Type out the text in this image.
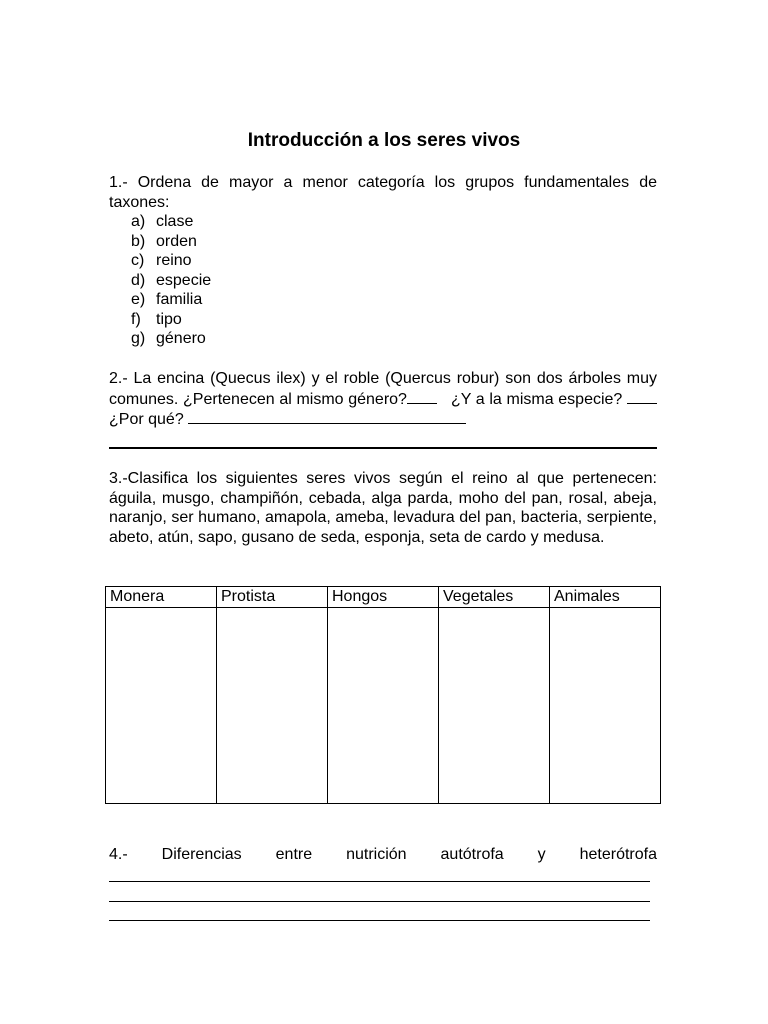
Introducción a los seres vivos

1.- Ordena de mayor a menor categoría los grupos fundamentales de taxones:

a) clase
b) orden
c) reino
d) especie
e) familia
f) tipo
g) género

2.- La encina (Quecus ilex) y el roble (Quercus robur) son dos árboles muy comunes. ¿Pertenecen al mismo género?	¿Y a la misma especie?  ¿Por qué?

3.-Clasifica los siguientes seres vivos según el reino al que pertenecen: águila, musgo, champiñón, cebada, alga parda, moho del pan, rosal, abeja, naranjo, ser humano, amapola, ameba, levadura del pan, bacteria, serpiente, abeto, atún, sapo, gusano de seda, esponja, seta de cardo y medusa.

Monera	Protista	Hongos	Vegetales	Animales

4.- Diferencias entre nutrición autótrofa y heterótrofa
